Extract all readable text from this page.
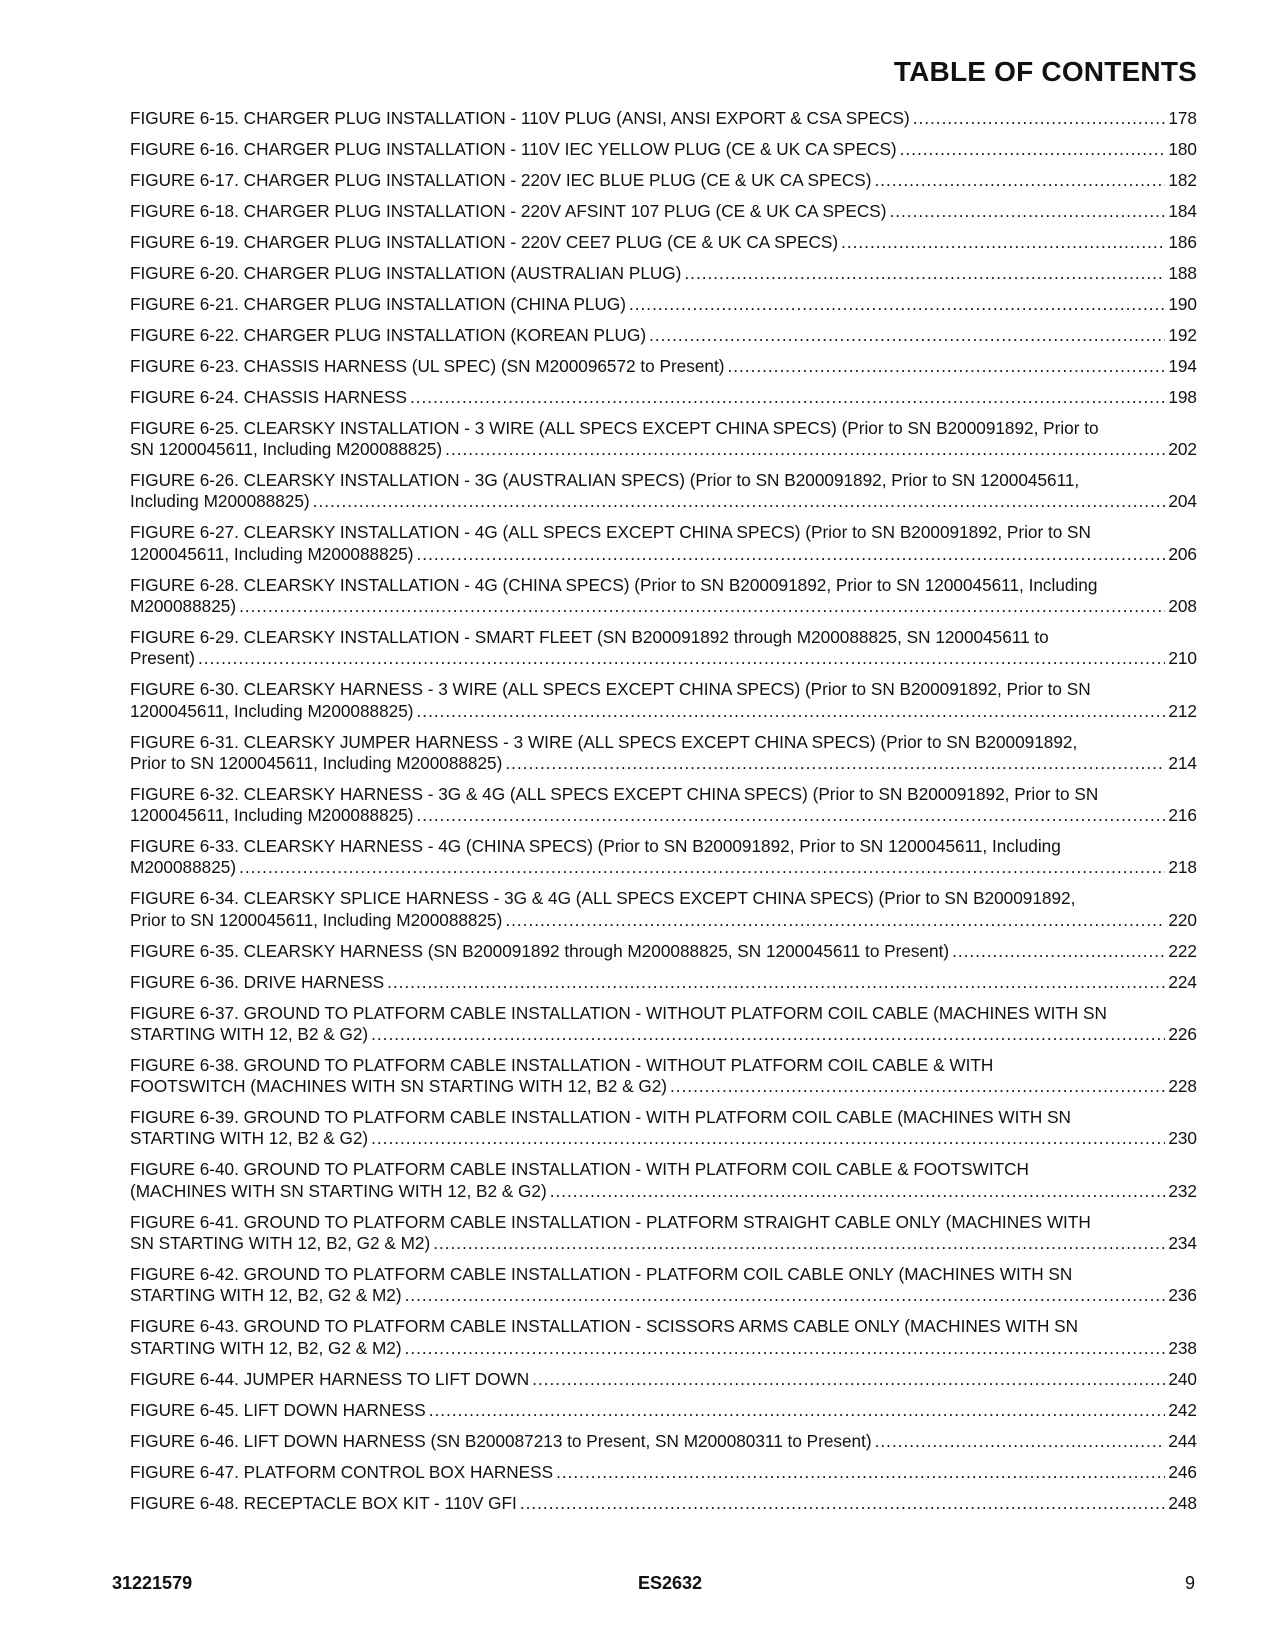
TABLE OF CONTENTS
FIGURE 6-15. CHARGER PLUG INSTALLATION - 110V PLUG (ANSI, ANSI EXPORT & CSA SPECS) .....	178
FIGURE 6-16. CHARGER PLUG INSTALLATION - 110V IEC YELLOW PLUG (CE & UK CA SPECS) .....	180
FIGURE 6-17. CHARGER PLUG INSTALLATION - 220V IEC BLUE PLUG (CE & UK CA SPECS) .....	182
FIGURE 6-18. CHARGER PLUG INSTALLATION - 220V AFSINT 107 PLUG (CE & UK CA SPECS) .....	184
FIGURE 6-19. CHARGER PLUG INSTALLATION - 220V CEE7 PLUG (CE & UK CA SPECS) .....	186
FIGURE 6-20. CHARGER PLUG INSTALLATION (AUSTRALIAN PLUG) .....	188
FIGURE 6-21. CHARGER PLUG INSTALLATION (CHINA PLUG) .....	190
FIGURE 6-22. CHARGER PLUG INSTALLATION (KOREAN PLUG) .....	192
FIGURE 6-23. CHASSIS HARNESS (UL SPEC) (SN M200096572 to Present) .....	194
FIGURE 6-24. CHASSIS HARNESS .....	198
FIGURE 6-25. CLEARSKY INSTALLATION - 3 WIRE (ALL SPECS EXCEPT CHINA SPECS) (Prior to SN B200091892, Prior to
SN 1200045611, Including M200088825) .....	202
FIGURE 6-26. CLEARSKY INSTALLATION - 3G (AUSTRALIAN SPECS) (Prior to SN B200091892, Prior to SN 1200045611,
Including M200088825) .....	204
FIGURE 6-27. CLEARSKY INSTALLATION - 4G (ALL SPECS EXCEPT CHINA SPECS) (Prior to SN B200091892, Prior to SN
1200045611, Including M200088825) .....	206
FIGURE 6-28. CLEARSKY INSTALLATION - 4G (CHINA SPECS) (Prior to SN B200091892, Prior to SN 1200045611, Including
M200088825) .....	208
FIGURE 6-29. CLEARSKY INSTALLATION - SMART FLEET (SN B200091892 through M200088825, SN 1200045611 to
Present) .....	210
FIGURE 6-30. CLEARSKY HARNESS - 3 WIRE (ALL SPECS EXCEPT CHINA SPECS) (Prior to SN B200091892, Prior to SN
1200045611, Including M200088825) .....	212
FIGURE 6-31. CLEARSKY JUMPER HARNESS - 3 WIRE (ALL SPECS EXCEPT CHINA SPECS) (Prior to SN B200091892,
Prior to SN 1200045611, Including M200088825) .....	214
FIGURE 6-32. CLEARSKY HARNESS - 3G & 4G (ALL SPECS EXCEPT CHINA SPECS) (Prior to SN B200091892, Prior to SN
1200045611, Including M200088825) .....	216
FIGURE 6-33. CLEARSKY HARNESS - 4G (CHINA SPECS) (Prior to SN B200091892, Prior to SN 1200045611, Including
M200088825) .....	218
FIGURE 6-34. CLEARSKY SPLICE HARNESS - 3G & 4G (ALL SPECS EXCEPT CHINA SPECS) (Prior to SN B200091892,
Prior to SN 1200045611, Including M200088825) .....	220
FIGURE 6-35. CLEARSKY HARNESS (SN B200091892 through M200088825, SN 1200045611 to Present) .....	222
FIGURE 6-36. DRIVE HARNESS .....	224
FIGURE 6-37. GROUND TO PLATFORM CABLE INSTALLATION - WITHOUT PLATFORM COIL CABLE (MACHINES WITH SN
STARTING WITH 12, B2 & G2) .....	226
FIGURE 6-38. GROUND TO PLATFORM CABLE INSTALLATION - WITHOUT PLATFORM COIL CABLE & WITH
FOOTSWITCH (MACHINES WITH SN STARTING WITH 12, B2 & G2) .....	228
FIGURE 6-39. GROUND TO PLATFORM CABLE INSTALLATION - WITH PLATFORM COIL CABLE (MACHINES WITH SN
STARTING WITH 12, B2 & G2) .....	230
FIGURE 6-40. GROUND TO PLATFORM CABLE INSTALLATION - WITH PLATFORM COIL CABLE & FOOTSWITCH
(MACHINES WITH SN STARTING WITH 12, B2 & G2) .....	232
FIGURE 6-41. GROUND TO PLATFORM CABLE INSTALLATION - PLATFORM STRAIGHT CABLE ONLY (MACHINES WITH
SN STARTING WITH 12, B2, G2 & M2) .....	234
FIGURE 6-42. GROUND TO PLATFORM CABLE INSTALLATION - PLATFORM COIL CABLE ONLY (MACHINES WITH SN
STARTING WITH 12, B2, G2 & M2) .....	236
FIGURE 6-43. GROUND TO PLATFORM CABLE INSTALLATION - SCISSORS ARMS CABLE ONLY (MACHINES WITH SN
STARTING WITH 12, B2, G2 & M2) .....	238
FIGURE 6-44. JUMPER HARNESS TO LIFT DOWN .....	240
FIGURE 6-45. LIFT DOWN HARNESS .....	242
FIGURE 6-46. LIFT DOWN HARNESS (SN B200087213 to Present, SN M200080311 to Present) .....	244
FIGURE 6-47. PLATFORM CONTROL BOX HARNESS .....	246
FIGURE 6-48. RECEPTACLE BOX KIT - 110V GFI .....	248
31221579	ES2632	9
